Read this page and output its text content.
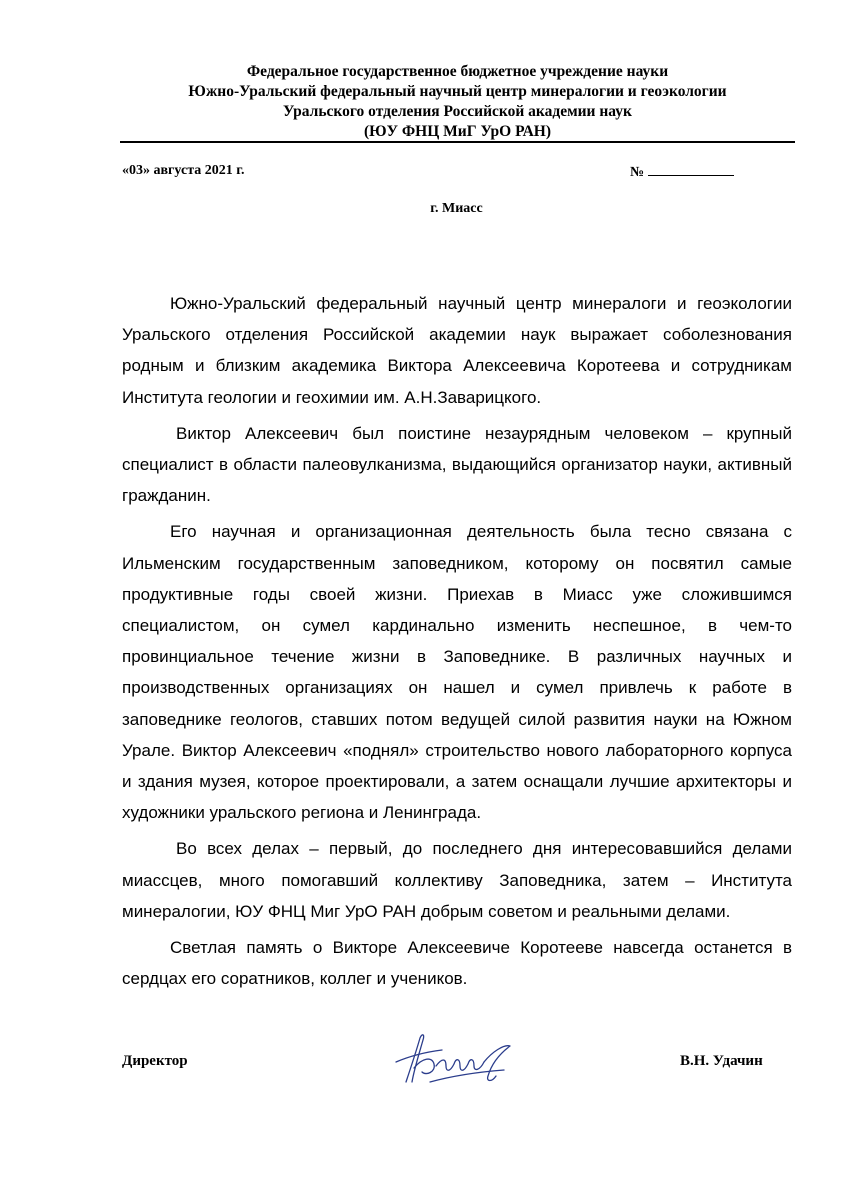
Федеральное государственное бюджетное учреждение науки
Южно-Уральский федеральный научный центр минералогии и геоэкологии
Уральского отделения Российской академии наук
(ЮУ ФНЦ МиГ УрО РАН)
«03» августа 2021 г.	№
г. Миасс

Южно-Уральский федеральный научный центр минералоги и геоэкологии Уральского отделения Российской академии наук выражает соболезнования родным и близким академика Виктора Алексеевича Коротеева и сотрудникам Института геологии и геохимии им. А.Н.Заварицкого.

Виктор Алексеевич был поистине незаурядным человеком – крупный специалист в области палеовулканизма, выдающийся организатор науки, активный гражданин.

Его научная и организационная деятельность была тесно связана с Ильменским государственным заповедником, которому он посвятил самые продуктивные годы своей жизни. Приехав в Миасс уже сложившимся специалистом, он сумел кардинально изменить неспешное, в чем-то провинциальное течение жизни в Заповеднике. В различных научных и производственных организациях он нашел и сумел привлечь к работе в заповеднике геологов, ставших потом ведущей силой развития науки на Южном Урале. Виктор Алексеевич «поднял» строительство нового лабораторного корпуса и здания музея, которое проектировали, а затем оснащали лучшие архитекторы и художники уральского региона и Ленинграда.

Во всех делах – первый, до последнего дня интересовавшийся делами миассцев, много помогавший коллективу Заповедника, затем – Института минералогии, ЮУ ФНЦ Миг УрО РАН добрым советом и реальными делами.

Светлая память о Викторе Алексеевиче Коротееве навсегда останется в сердцах его соратников, коллег и учеников.

Директор	В.Н. Удачин
